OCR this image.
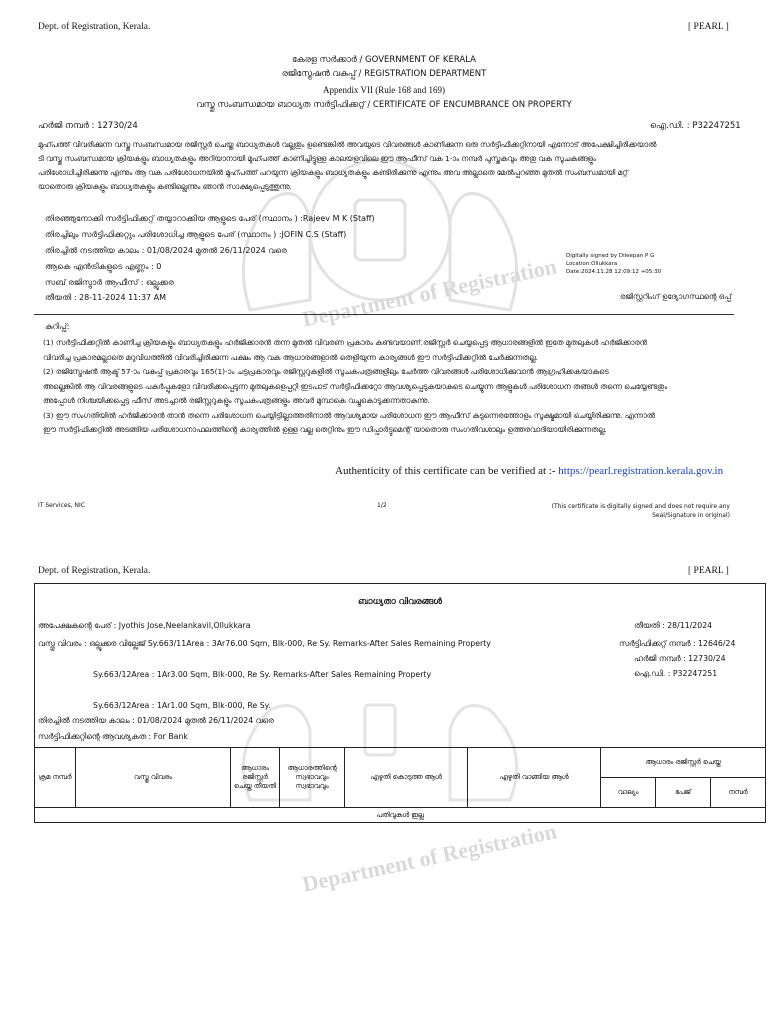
Dept. of Registration, Kerala.	[ PEARL ]
Department of Registration
കേരള സർക്കാർ / GOVERNMENT OF KERALA
രജിസ്ട്രേഷൻ വകുപ്പ് / REGISTRATION DEPARTMENT
Appendix VII (Rule 168 and 169)
വസ്തു സംബന്ധമായ ബാധ്യത സർട്ടിഫിക്കറ്റ് / CERTIFICATE OF ENCUMBRANCE ON PROPERTY
ഹർജി നമ്പർ : 12730/24	ഐ.ഡി. : P32247251
മുഹ്പത്ത് വിവരിക്കുന്ന വസ്തു സംബന്ധമായ രജിസ്റ്റർ ചെയ്ത ബാധ്യതകൾ വല്ലതും ഉണ്ടെങ്കിൽ അവയുടെ വിവരങ്ങൾ കാണിക്കുന്ന ഒരു സർട്ടിഫിക്കറ്റിനായി എന്നോട് അപേക്ഷിച്ചിരിക്കയാൽ
ടി വസ്തു സംബന്ധമായ ക്രിയകളും ബാധ്യതകളും അറിയാനായി മുഹ്പത്ത് കാണിച്ചിട്ടുള്ള കാലയളവിലെ ഈ ആഫീസ് വക 1-ാം നമ്പർ പുസ്തകവും അതു വക സൂചകങ്ങളും
പരിശോധിച്ചിരിക്കുന്നു എന്നും ആ വക പരിശോധനയിൽ മുഹ്പത്ത് പറയുന്ന ക്രിയകളും ബാധ്യതകളും കണ്ടിരിക്കുന്നു എന്നും അവ അല്ലാതെ മേൽപ്പറഞ്ഞ മുതൽ സംബന്ധമായി മറ്റ്
യാതൊരു ക്രിയകളും ബാധ്യതകളും കണ്ടില്ലെന്നും ഞാൻ സാക്ഷ്യപ്പെടുത്തുന്നു.
തിരഞ്ഞുനോക്കി സർട്ടിഫിക്കറ്റ് തയ്യാറാക്കിയ ആളുടെ പേര് (സ്ഥാനം ) :Rajeev M K (Staff)
തിരച്ചിലും സർട്ടിഫിക്കറ്റും പരിശോധിച്ച ആളുടെ പേര് (സ്ഥാനം ) :JOFIN C.S (Staff)
തിരച്ചിൽ നടത്തിയ കാലം : 01/08/2024 മുതൽ 26/11/2024 വരെ
ആകെ എൻട്രികളുടെ എണ്ണം : 0
സബ് രജിസ്ട്രാർ ആഫീസ് : ഒല്ലൂക്കര
തീയതി : 28-11-2024 11:37 AM
Digitally signed by Dileepan P G
Location:Ollukkara
Date:2024.11.28 12:09:12 +05:30
രജിസ്റ്ററിംഗ് ഉദ്യോഗസ്ഥന്റെ ഒപ്പ്
കുറിപ്പ്:
(1) സർട്ടിഫിക്കറ്റിൽ കാണിച്ച ക്രിയകളും ബാധ്യതകളും ഹർജിക്കാരൻ തന്ന മുതൽ വിവരണ പ്രകാരം കണ്ടവയാണ്.രജിസ്റ്റർ ചെയ്യപ്പെട്ട ആധാരങ്ങളിൽ ഇതേ മുതലുകൾ ഹർജിക്കാരൻ
വിവരിച്ച പ്രകാരമല്ലാതെ മറുവിധത്തിൽ വിവരിച്ചിരിക്കുന്ന പക്ഷം ആ വക ആധാരങ്ങളാൽ തെളിയുന്ന കാര്യങ്ങൾ ഈ സർട്ടിഫിക്കറ്റിൽ ചേർക്കുന്നതല്ല.
(2) രജിസ്ട്രേഷൻ ആക്ട് 57-ാം വകുപ്പ് പ്രകാരവും 165(1)-ാം ചട്ടപ്രകാരവും രജിസ്റ്ററുകളിൽ സൂചകപത്രങ്ങളിലും ചേർത്ത വിവരങ്ങൾ പരിശോധിക്കുവാൻ ആഗ്രഹിക്കകയാകുടെ
അല്ലെങ്കിൽ ആ വിവരങ്ങളുടെ പകർപ്പുകളോ വിവരിക്കപ്പെടുന്ന മുതലുകളെപ്പറ്റി ഇടപാട് സർട്ടിഫിക്കറ്റോ ആവശ്യപ്പെടുകയാകുടെ ചെയ്യുന്ന ആളുകൾ പരിശോധന തങ്ങൾ തന്നെ ചെയ്യേണ്ടതും
അപ്പോൾ നിശ്ചയിക്കപ്പെട്ട ഫീസ് അടച്ചാൽ രജിസ്റ്ററുകളും സൂചകപത്രങ്ങളും അവർ മുമ്പാകെ വച്ചുകൊടുക്കന്നതാകുന്നു.
(3) ഈ സംഗതിയിൽ ഹർജിക്കാരൻ താൻ തന്നെ പരിശോധന ചെയ്യിട്ടില്ലാത്തതിനാൽ ആവശ്യമായ പരിശോധന ഈ ആഫീസ് കുടുന്നെരത്തോളം സൂക്ഷ്മമായി ചെയ്യിരിക്കുന്നു. എന്നാൽ
ഈ സർട്ടിഫിക്കറ്റിൽ അടങ്ങിയ പരിശോധനാഫലത്തിന്റെ കാര്യത്തിൽ ഉള്ള വല്ല തെറ്റിനും ഈ ഡിപ്പാർട്ടുമെന്റ് യാതൊരു സംഗതിവശാലും ഉത്തരവാദിയായിരിക്കുന്നതല്ല.
Authenticity of this certificate can be verified at :- https://pearl.registration.kerala.gov.in
IT Services, NIC	1/2	(This certificate is digitally signed and does not require any
Seal/Signature in original)
Dept. of Registration, Kerala.	[ PEARL ]
Department of Registration
ബാധ്യതാ വിവരങ്ങൾ
അപേക്ഷകന്റെ പേര് : Jyothis Jose,Neelankavil,Ollukkara
വസ്തു വിവരം : ഒല്ലൂക്കര വില്ലേജ് Sy.663/11Area : 3Ar76.00 Sqm, Blk-000, Re Sy. Remarks-After Sales Remaining Property
Sy.663/12Area : 1Ar3.00 Sqm, Blk-000, Re Sy. Remarks-After Sales Remaining Property
Sy.663/12Area : 1Ar1.00 Sqm, Blk-000, Re Sy.
തീയതി : 28/11/2024
സർട്ടിഫിക്കറ്റ് നമ്പർ : 12646/24
ഹർജി നമ്പർ : 12730/24
ഐ.ഡി. : P32247251
തിരച്ചിൽ നടത്തിയ കാലം : 01/08/2024 മുതൽ 26/11/2024 വരെ
സർട്ടിഫിക്കറ്റിന്റെ ആവശ്യകത : For Bank
ക്രമ നമ്പർ	വസ്തു വിവരം	ആധാരം രജിസ്റ്റർ ചെയ്ത തീയതി	ആധാരത്തിന്റെ സ്വഭാവവും സ്വഭാവവും	എഴുതി കൊടുത്ത ആൾ	എഴുതി വാങ്ങിയ ആൾ	ആധാരം രജിസ്റ്റർ ചെയ്ത		
						വാല്യം	പേജ്	നമ്പർ
പതിവുകൾ ഇല്ല								
